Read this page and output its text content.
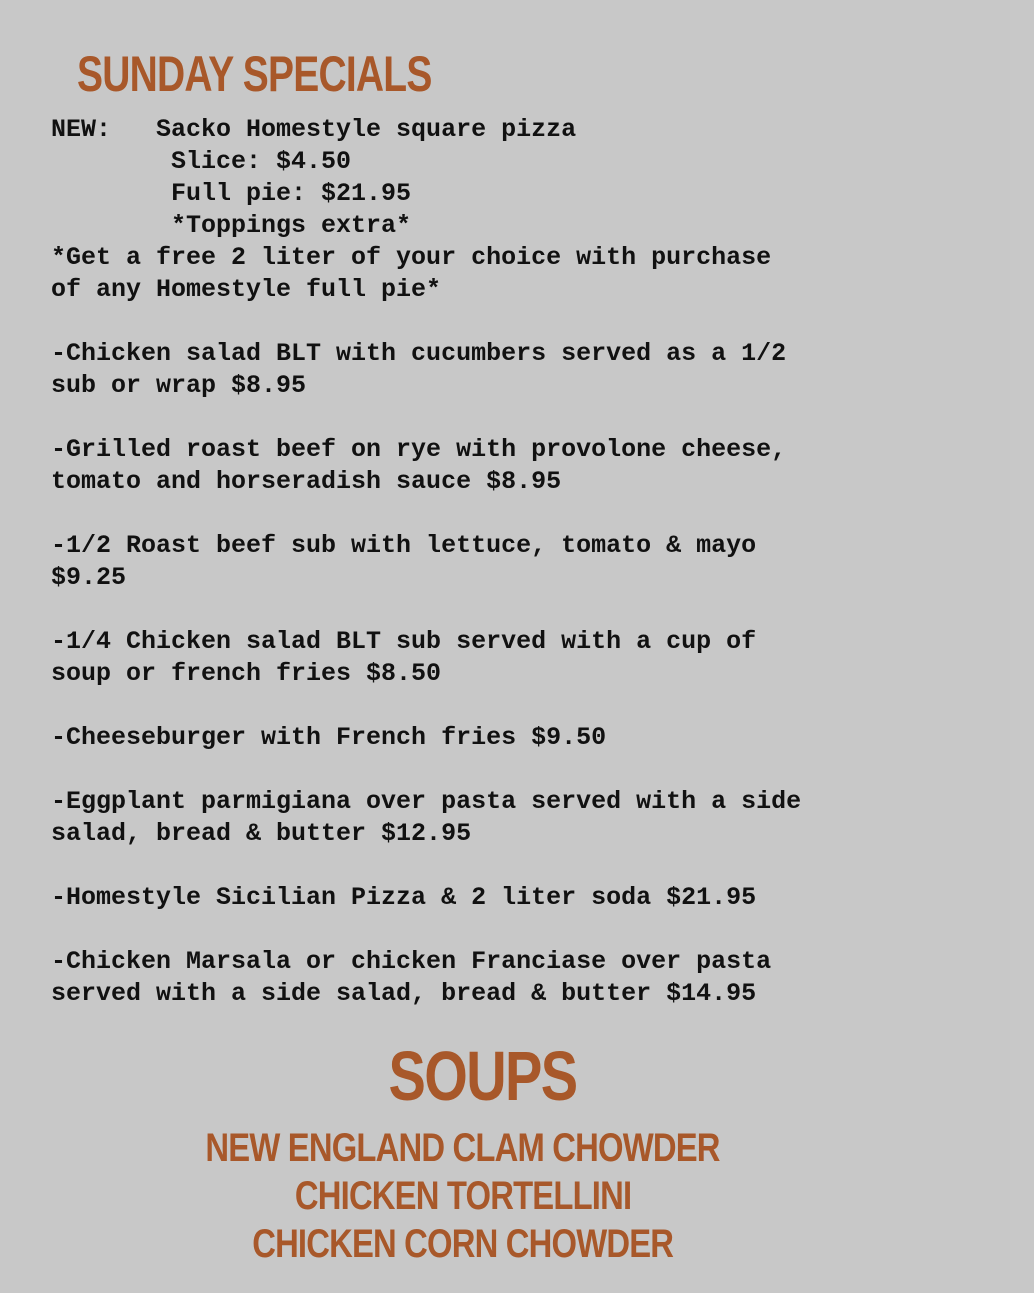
SUNDAY SPECIALS
NEW:   Sacko Homestyle square pizza
Slice: $4.50
Full pie: $21.95
*Toppings extra*
*Get a free 2 liter of your choice with purchase
of any Homestyle full pie*
-Chicken salad BLT with cucumbers served as a 1/2
sub or wrap $8.95
-Grilled roast beef on rye with provolone cheese,
tomato and horseradish sauce $8.95
-1/2 Roast beef sub with lettuce, tomato & mayo
$9.25
-1/4 Chicken salad BLT sub served with a cup of
soup or french fries $8.50
-Cheeseburger with French fries $9.50
-Eggplant parmigiana over pasta served with a side
salad, bread & butter $12.95
-Homestyle Sicilian Pizza & 2 liter soda $21.95
-Chicken Marsala or chicken Franciase over pasta
served with a side salad, bread & butter $14.95
SOUPS
NEW ENGLAND CLAM CHOWDER
CHICKEN TORTELLINI
CHICKEN CORN CHOWDER
